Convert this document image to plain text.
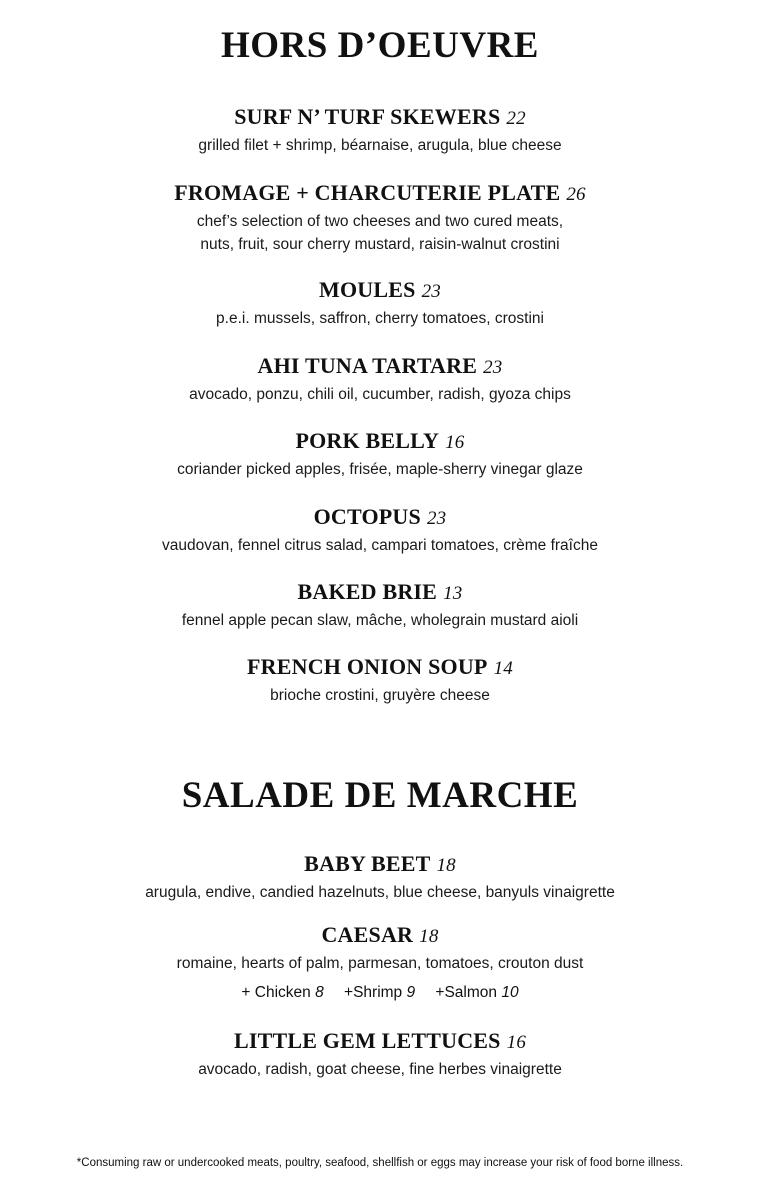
HORS D’OEUVRE
SURF N’ TURF SKEWERS 22
grilled filet + shrimp, béarnaise, arugula, blue cheese
FROMAGE + CHARCUTERIE PLATE 26
chef’s selection of two cheeses and two cured meats,
nuts, fruit, sour cherry mustard, raisin-walnut crostini
MOULES 23
p.e.i. mussels, saffron, cherry tomatoes, crostini
AHI TUNA TARTARE 23
avocado, ponzu, chili oil, cucumber, radish, gyoza chips
PORK BELLY 16
coriander picked apples, frisée, maple-sherry vinegar glaze
OCTOPUS 23
vaudovan, fennel citrus salad, campari tomatoes, crème fraîche
BAKED BRIE 13
fennel apple pecan slaw, mâche, wholegrain mustard aioli
FRENCH ONION SOUP 14
brioche crostini, gruyère cheese
SALADE DE MARCHE
BABY BEET 18
arugula, endive, candied hazelnuts, blue cheese, banyuls vinaigrette
CAESAR 18
romaine, hearts of palm, parmesan, tomatoes, crouton dust
+ Chicken 8 +Shrimp 9 +Salmon 10
LITTLE GEM LETTUCES 16
avocado, radish, goat cheese, fine herbes vinaigrette
*Consuming raw or undercooked meats, poultry, seafood, shellfish or eggs may increase your risk of food borne illness.
